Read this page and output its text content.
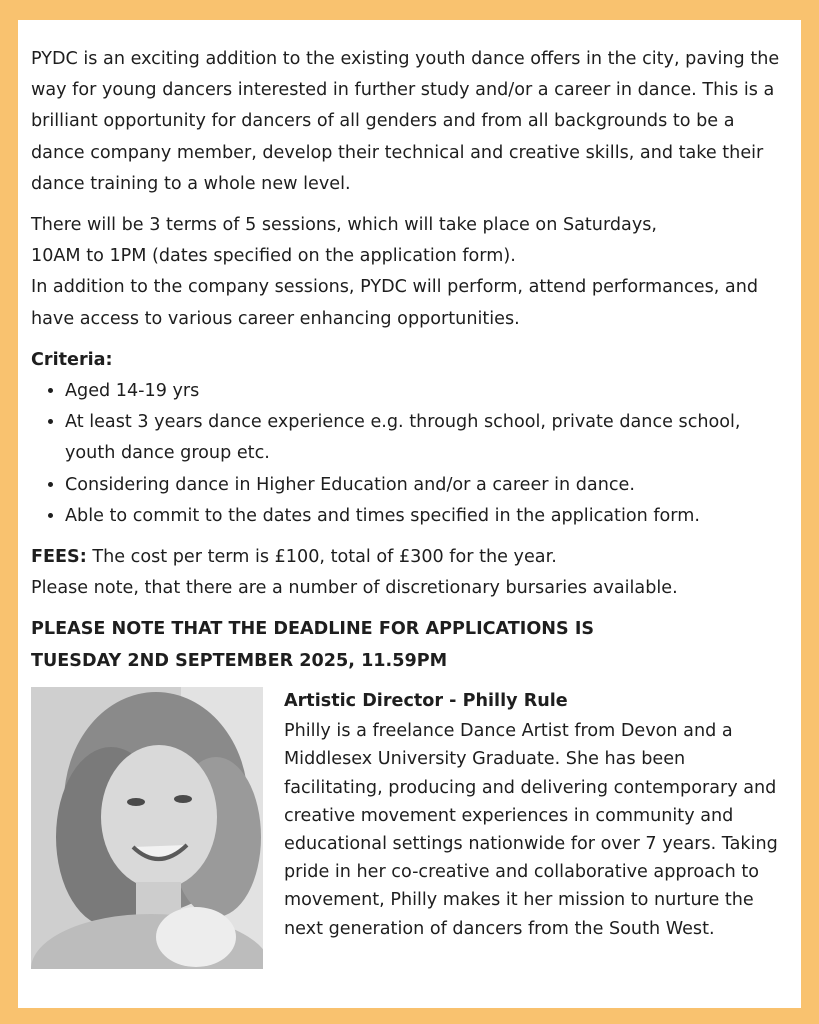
PYDC is an exciting addition to the existing youth dance offers in the city, paving the way for young dancers interested in further study and/or a career in dance. This is a brilliant opportunity for dancers of all genders and from all backgrounds to be a dance company member, develop their technical and creative skills, and take their dance training to a whole new level.

There will be 3 terms of 5 sessions, which will take place on Saturdays,

10AM to 1PM (dates specified on the application form).

In addition to the company sessions, PYDC will perform, attend performances, and have access to various career enhancing opportunities.

Criteria:

• Aged 14-19 yrs
• At least 3 years dance experience e.g. through school, private dance school, youth dance group etc.
• Considering dance in Higher Education and/or a career in dance.
• Able to commit to the dates and times specified in the application form.

FEES: The cost per term is £100, total of £300 for the year.

Please note, that there are a number of discretionary bursaries available.

PLEASE NOTE THAT THE DEADLINE FOR APPLICATIONS IS

TUESDAY 2ND SEPTEMBER 2025, 11.59PM

Artistic Director - Philly Rule

Philly is a freelance Dance Artist from Devon and a Middlesex University Graduate. She has been facilitating, producing and delivering contemporary and creative movement experiences in community and educational settings nationwide for over 7 years. Taking pride in her co-creative and collaborative approach to movement, Philly makes it her mission to nurture the next generation of dancers from the South West.
